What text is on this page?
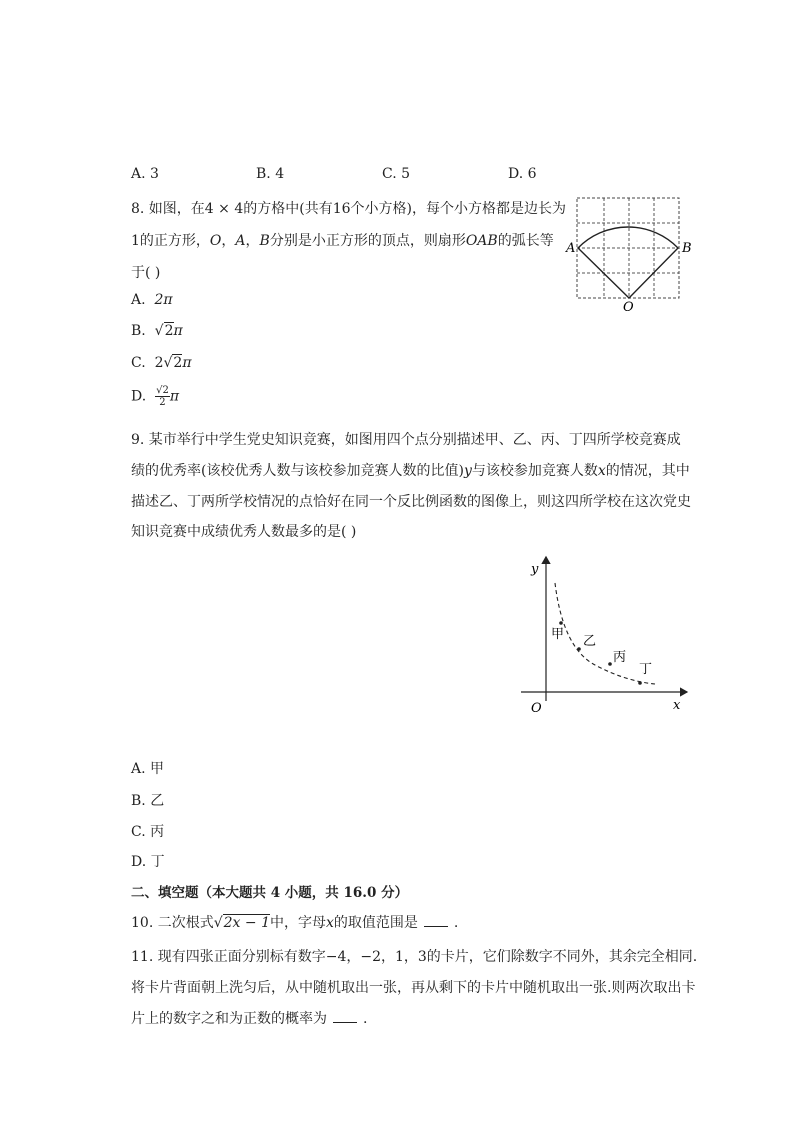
A. 3	B. 4	C. 5	D. 6
8. 如图，在4 × 4的方格中(共有16个小方格)，每个小方格都是边长为
1的正方形，O，A，B分别是小正方形的顶点，则扇形OAB的弧长等
于( )
A. 2π
B.  √2π
C. 2√2π
D. $\frac{√2}{2}$ π
A	B
O
9. 某市举行中学生党史知识竞赛，如图用四个点分别描述甲、乙、丙、丁四所学校竞赛成
绩的优秀率(该校优秀人数与该校参加竞赛人数的比值)y与该校参加竞赛人数x的情况，其中
描述乙、丁两所学校情况的点恰好在同一个反比例函数的图像上，则这四所学校在这次党史
知识竞赛中成绩优秀人数最多的是( )
y
x
O
甲 乙
丙
丁
A. 甲
B. 乙
C. 丙
D. 丁
二、填空题（本大题共 4 小题，共 16.0 分）
10. 二次根式√2x − 1中，字母x的取值范围是	.
11. 现有四张正面分别标有数字−4，−2，1，3的卡片，它们除数字不同外，其余完全相同.
将卡片背面朝上洗匀后，从中随机取出一张，再从剩下的卡片中随机取出一张.则两次取出卡
片上的数字之和为正数的概率为	.
